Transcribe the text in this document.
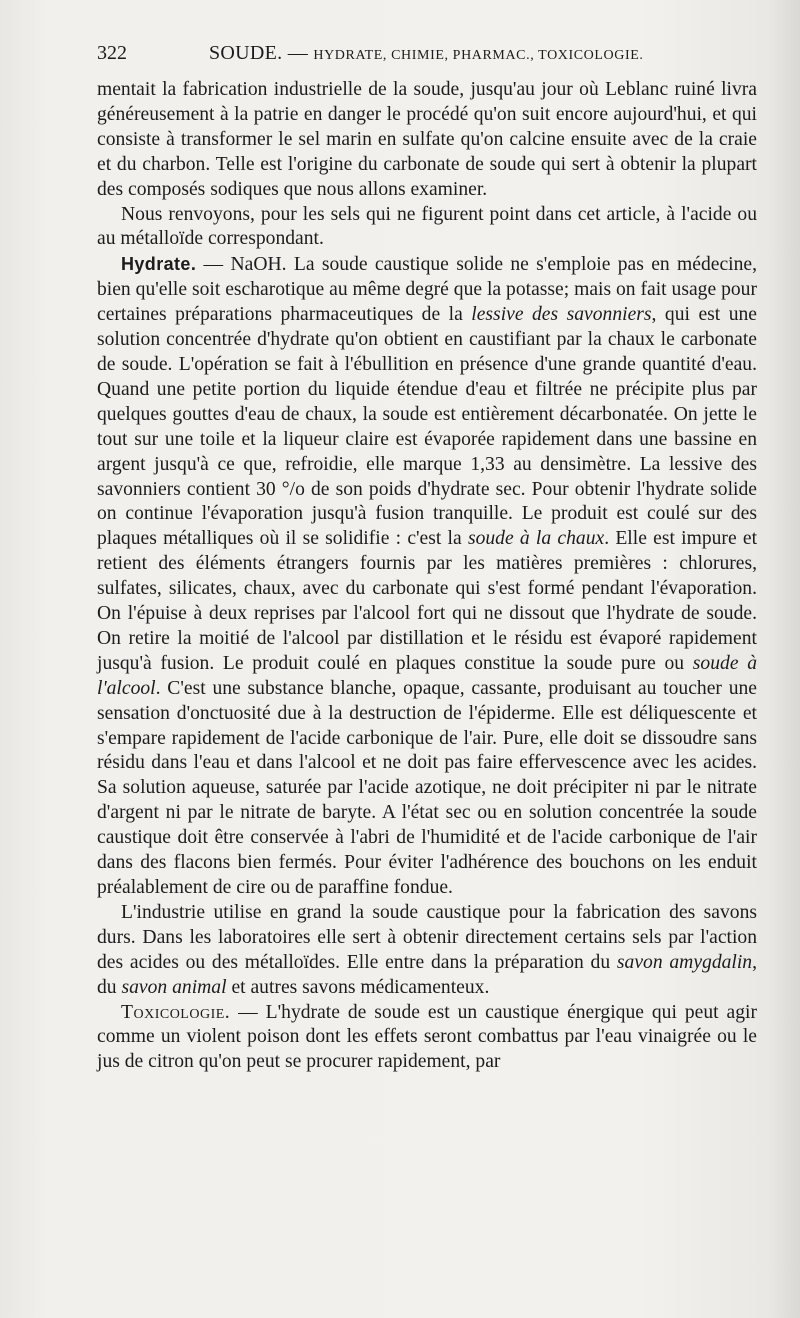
322	SOUDE. — HYDRATE, CHIMIE, PHARMAC., TOXICOLOGIE.

mentait la fabrication industrielle de la soude, jusqu'au jour où Leblanc ruiné livra généreusement à la patrie en danger le procédé qu'on suit encore aujourd'hui, et qui consiste à transformer le sel marin en sulfate qu'on calcine ensuite avec de la craie et du charbon. Telle est l'origine du carbonate de soude qui sert à obtenir la plupart des composés sodiques que nous allons examiner.

Nous renvoyons, pour les sels qui ne figurent point dans cet article, à l'acide ou au métalloïde correspondant.

Hydrate. — NaOH. La soude caustique solide ne s'emploie pas en médecine, bien qu'elle soit escharotique au même degré que la potasse; mais on fait usage pour certaines préparations pharmaceutiques de la lessive des savonniers, qui est une solution concentrée d'hydrate qu'on obtient en caustifiant par la chaux le carbonate de soude. L'opération se fait à l'ébullition en présence d'une grande quantité d'eau. Quand une petite portion du liquide étendue d'eau et filtrée ne précipite plus par quelques gouttes d'eau de chaux, la soude est entièrement décarbonatée. On jette le tout sur une toile et la liqueur claire est évaporée rapidement dans une bassine en argent jusqu'à ce que, refroidie, elle marque 1,33 au densimètre. La lessive des savonniers contient 30 °/o de son poids d'hydrate sec. Pour obtenir l'hydrate solide on continue l'évaporation jusqu'à fusion tranquille. Le produit est coulé sur des plaques métalliques où il se solidifie : c'est la soude à la chaux. Elle est impure et retient des éléments étrangers fournis par les matières premières : chlorures, sulfates, silicates, chaux, avec du carbonate qui s'est formé pendant l'évaporation. On l'épuise à deux reprises par l'alcool fort qui ne dissout que l'hydrate de soude. On retire la moitié de l'alcool par distillation et le résidu est évaporé rapidement jusqu'à fusion. Le produit coulé en plaques constitue la soude pure ou soude à l'alcool. C'est une substance blanche, opaque, cassante, produisant au toucher une sensation d'onctuosité due à la destruction de l'épiderme. Elle est déliquescente et s'empare rapidement de l'acide carbonique de l'air. Pure, elle doit se dissoudre sans résidu dans l'eau et dans l'alcool et ne doit pas faire effervescence avec les acides. Sa solution aqueuse, saturée par l'acide azotique, ne doit précipiter ni par le nitrate d'argent ni par le nitrate de baryte. A l'état sec ou en solution concentrée la soude caustique doit être conservée à l'abri de l'humidité et de l'acide carbonique de l'air dans des flacons bien fermés. Pour éviter l'adhérence des bouchons on les enduit préalablement de cire ou de paraffine fondue.

L'industrie utilise en grand la soude caustique pour la fabrication des savons durs. Dans les laboratoires elle sert à obtenir directement certains sels par l'action des acides ou des métalloïdes. Elle entre dans la préparation du savon amygdalin, du savon animal et autres savons médicamenteux.

Toxicologie. — L'hydrate de soude est un caustique énergique qui peut agir comme un violent poison dont les effets seront combattus par l'eau vinaigrée ou le jus de citron qu'on peut se procurer rapidement, par
